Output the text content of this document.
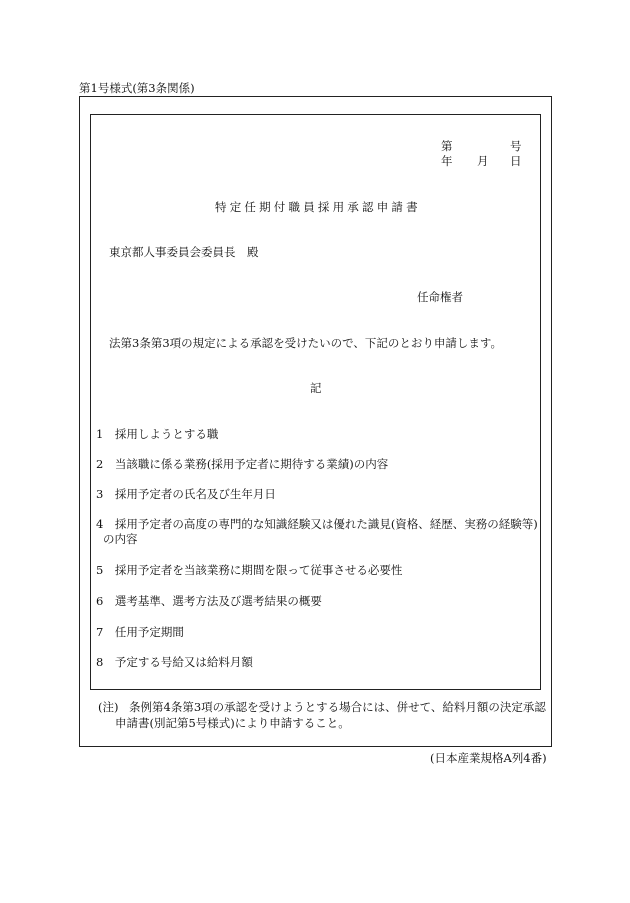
第1号様式(第3条関係)
第	号
年 月 日
特定任期付職員採用承認申請書
東京都人事委員会委員長　殿
任命権者
法第3条第3項の規定による承認を受けたいので、下記のとおり申請します。
記
1　採用しようとする職
2　当該職に係る業務(採用予定者に期待する業績)の内容
3　採用予定者の氏名及び生年月日
4　採用予定者の高度の専門的な知識経験又は優れた識見(資格、経歴、実務の経験等)
の内容
5　採用予定者を当該業務に期間を限って従事させる必要性
6　選考基準、選考方法及び選考結果の概要
7　任用予定期間
8　予定する号給又は給料月額
(注) 条例第4条第3項の承認を受けようとする場合には、併せて、給料月額の決定承認
申請書(別記第5号様式)により申請すること。
(日本産業規格A列4番)
